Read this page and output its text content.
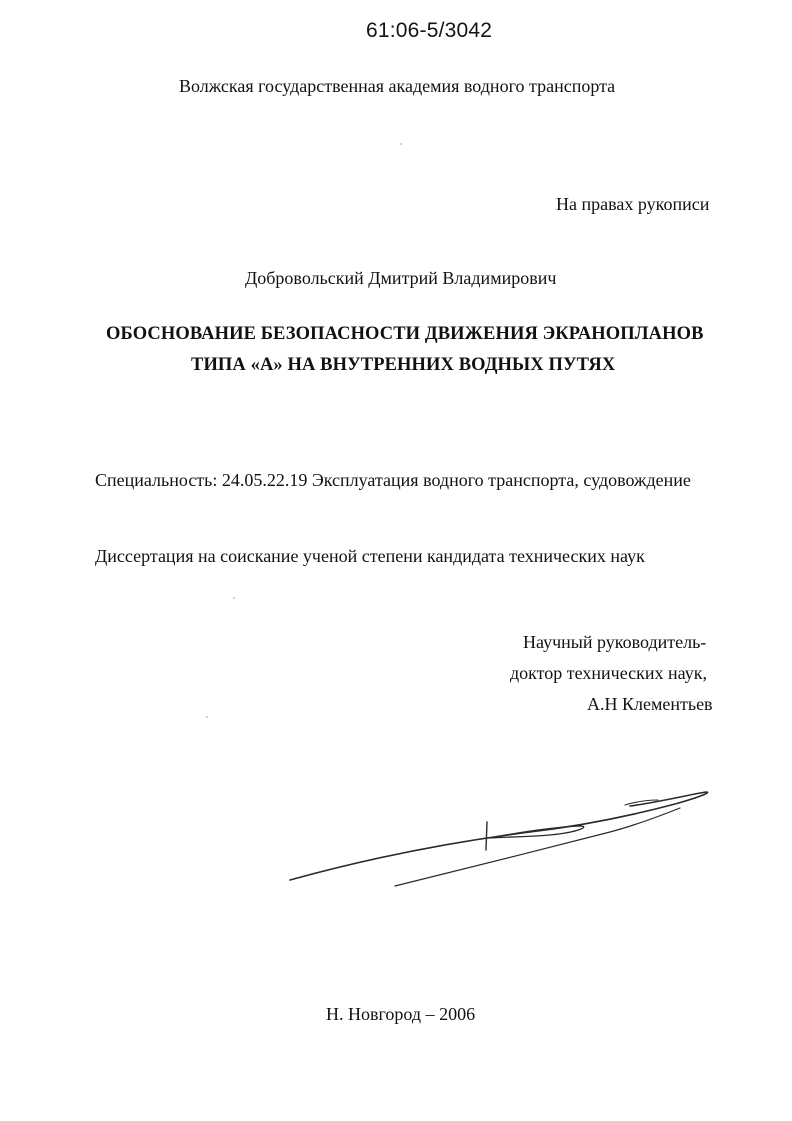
61:06-5/3042
Волжская государственная академия водного транспорта
На правах рукописи
Добровольский Дмитрий Владимирович
ОБОСНОВАНИЕ БЕЗОПАСНОСТИ ДВИЖЕНИЯ ЭКРАНОПЛАНОВ
ТИПА «А» НА ВНУТРЕННИХ ВОДНЫХ ПУТЯХ
Специальность: 24.05.22.19 Эксплуатация водного транспорта, судовождение
Диссертация на соискание ученой степени кандидата технических наук
Научный руководитель-
доктор технических наук,
А.Н Клементьев
Н. Новгород – 2006
